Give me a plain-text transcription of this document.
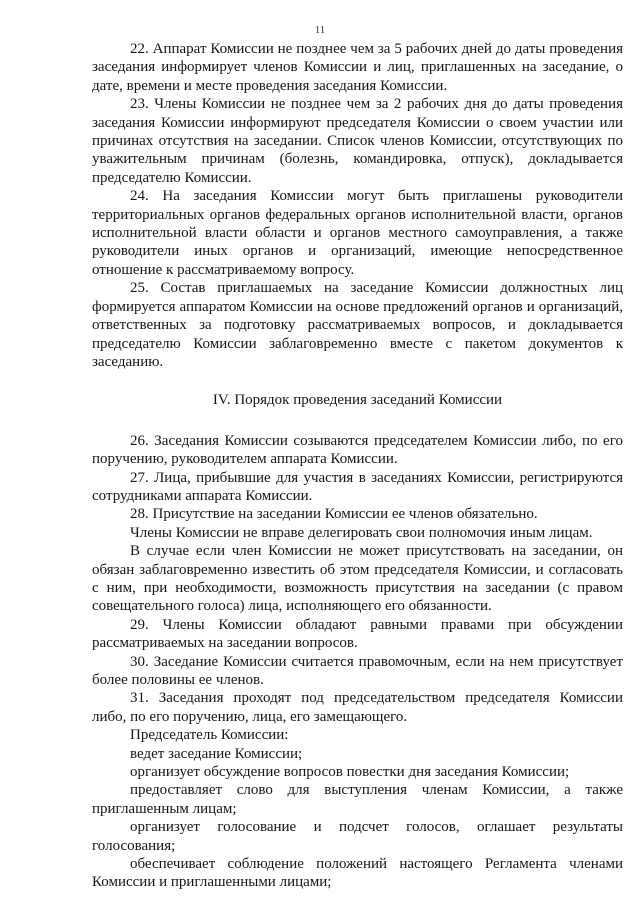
11

22. Аппарат Комиссии не позднее чем за 5 рабочих дней до даты проведения заседания информирует членов Комиссии и лиц, приглашенных на заседание, о дате, времени и месте проведения заседания Комиссии.

23. Члены Комиссии не позднее чем за 2 рабочих дня до даты проведения заседания Комиссии информируют председателя Комиссии о своем участии или причинах отсутствия на заседании. Список членов Комиссии, отсутствующих по уважительным причинам (болезнь, командировка, отпуск), докладывается председателю Комиссии.

24. На заседания Комиссии могут быть приглашены руководители территориальных органов федеральных органов исполнительной власти, органов исполнительной власти области и органов местного самоуправления, а также руководители иных органов и организаций, имеющие непосредственное отношение к рассматриваемому вопросу.

25. Состав приглашаемых на заседание Комиссии должностных лиц формируется аппаратом Комиссии на основе предложений органов и организаций, ответственных за подготовку рассматриваемых вопросов, и докладывается председателю Комиссии заблаговременно вместе с пакетом документов к заседанию.

IV. Порядок проведения заседаний Комиссии

26. Заседания Комиссии созываются председателем Комиссии либо, по его поручению, руководителем аппарата Комиссии.

27. Лица, прибывшие для участия в заседаниях Комиссии, регистрируются сотрудниками аппарата Комиссии.

28. Присутствие на заседании Комиссии ее членов обязательно.

Члены Комиссии не вправе делегировать свои полномочия иным лицам.

В случае если член Комиссии не может присутствовать на заседании, он обязан заблаговременно известить об этом председателя Комиссии, и согласовать с ним, при необходимости, возможность присутствия на заседании (с правом совещательного голоса) лица, исполняющего его обязанности.

29. Члены Комиссии обладают равными правами при обсуждении рассматриваемых на заседании вопросов.

30. Заседание Комиссии считается правомочным, если на нем присутствует более половины ее членов.

31. Заседания проходят под председательством председателя Комиссии либо, по его поручению, лица, его замещающего.

Председатель Комиссии:

ведет заседание Комиссии;

организует обсуждение вопросов повестки дня заседания Комиссии;

предоставляет слово для выступления членам Комиссии, а также приглашенным лицам;

организует голосование и подсчет голосов, оглашает результаты голосования;

обеспечивает соблюдение положений настоящего Регламента членами Комиссии и приглашенными лицами;
